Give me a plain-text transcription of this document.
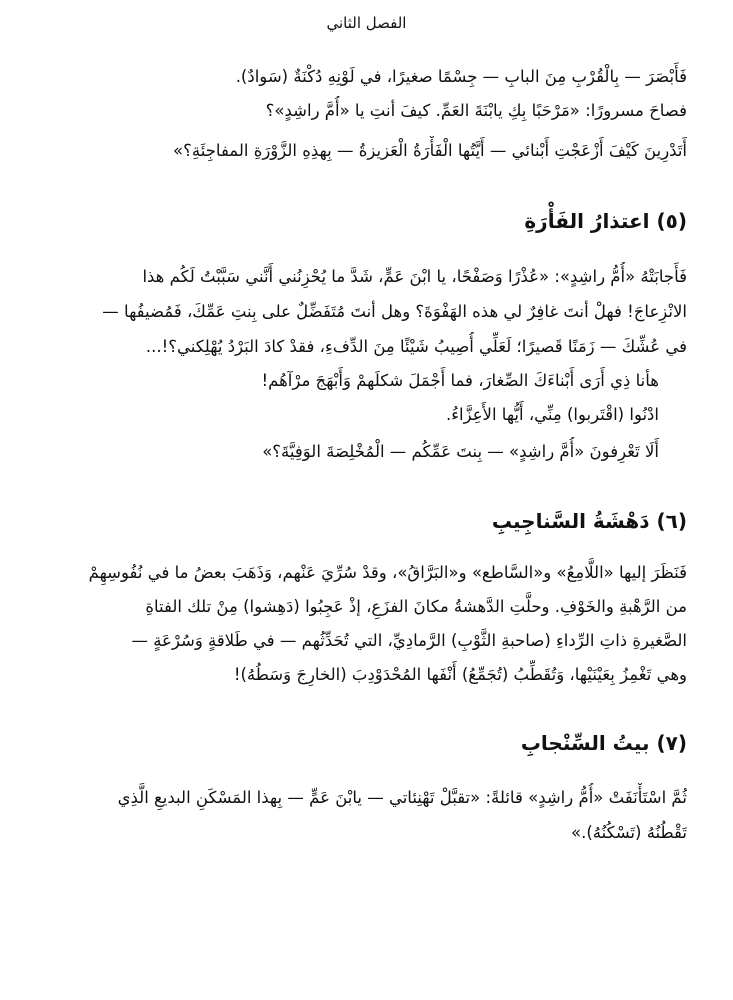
الفصل الثاني
فَأَبْصَرَ — بِالْقُرْبِ مِنَ البابِ — جِسْمًا صغيرًا، في لَوْنِهِ دُكْنَةٌ (سَوادٌ).
فصاحَ مسرورًا: «مَرْحَبًا بِكِ يابْنَةَ العَمِّ. كيفَ أنتِ يا «أُمَّ راشِدٍ»؟
أَتَدْرِينَ كَيْفَ أَزْعَجْتِ أَبْنائي — أَيَّتُها الْفَأْرَةُ الْعَزيزةُ — بِهذِهِ الزَّوْرَةِ المفاجِئَةِ؟»
(٥) اعتذارُ الفَأْرَةِ
فَأَجابَتْهُ «أُمُّ راشِدٍ»: «عُذْرًا وَصَفْحًا، يا ابْنَ عَمٍّ، شَدَّ ما يُحْزِنُني أَنَّني سَبَّبْتُ لَكُم هذا
الانْزِعاجَ! فهلْ أنتَ غافِرٌ لي هذه الهَفْوَةَ؟ وهل أنتَ مُتَفَضِّلٌ على بِنتِ عَمِّكَ، فَمُضيفُها —
في عُشِّكَ — زَمَنًا قَصيرًا؛ لَعَلِّي أُصِيبُ شَيْئًا مِنَ الدِّفءِ، فقدْ كادَ البَرْدُ يُهْلِكني؟!...
هأنا ذِي أَرَى أَبْناءَكَ الصِّغارَ، فما أَجْمَلَ شكلَهمْ وَأَبْهَجَ مرْآهُم!
ادْنُوا (اقْتَربوا) مِنِّي، أَيُّها الأَعِزَّاءُ.
أَلَا تَعْرِفونَ «أُمَّ راشِدٍ» — بِنتَ عَمِّكُم — الْمُخْلِصَةَ الوَفِيَّةَ؟»
(٦) دَهْشَةُ السَّناجِيبِ
فَنَظَرَ إليها «اللَّامِعُ» و«السَّاطع» و«البَرَّاقُ»، وقدْ سُرِّيَ عَنْهم، وَذَهَبَ بعضُ ما في نُفُوسِهِمْ
من الرَّهْبةِ والخَوْفِ. وحلَّتِ الدَّهشةُ مكانَ الفزَعِ، إذْ عَجِبُوا (دَهِشوا) مِنْ تلك الفتاةِ
الصَّغيرةِ ذاتِ الرِّداءِ (صاحبةِ الثَّوْبِ) الرَّمادِيِّ، التي تُحَدِّثُهم — في طَلاقةٍ وَسُرْعَةٍ —
وهي تَغْمِزُ بِعَيْنَيْها، وَتُقَطِّبُ (تُجَمِّعُ) أَنْفَها المُحْدَوْدِبَ (الخارِجَ وَسَطُهُ)!
(٧) بيتُ السِّنْجابِ
ثُمَّ اسْتَأْنَفَتْ «أُمُّ راشِدٍ» قائلةً: «تقبَّلْ تَهْنِئاتي — يابْنَ عَمٍّ — بِهذا المَسْكَنِ البديعِ الَّذِي
تَقْطُنُهُ (تَسْكُنُهُ).»
